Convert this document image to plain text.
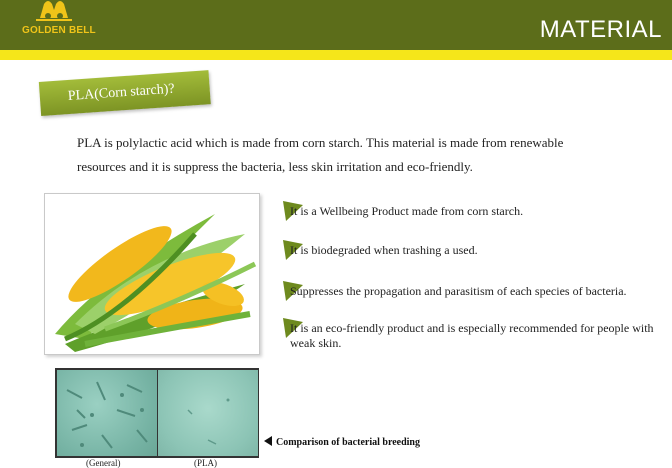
GOLDEN BELL	MATERIAL
PLA(Corn starch)?
PLA is polylactic acid which is made from corn starch. This material is made from renewable
resources and it is suppress the bacteria, less skin irritation and eco-friendly.
It is a Wellbeing Product made from corn starch.
It is biodegraded when trashing a used.
Suppresses the propagation and parasitism of each species of bacteria.
It is an eco-friendly product and is especially recommended for people with weak skin.
(General)	(PLA)
Comparison of bacterial breeding
